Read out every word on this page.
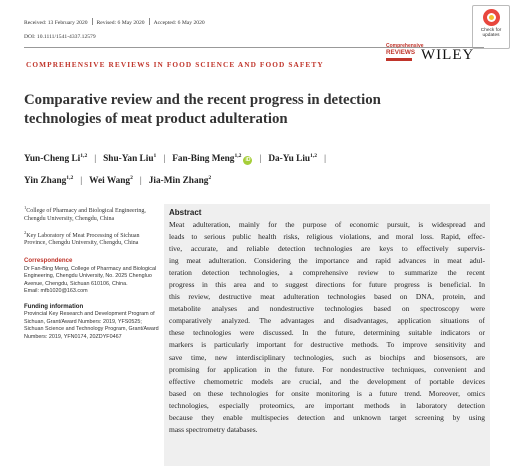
Received: 13 February 2020 Revised: 6 May 2020 Accepted: 6 May 2020
DOI: 10.1111/1541-4337.12579
Check for
updates
COMPREHENSIVE REVIEWS IN FOOD SCIENCE AND FOOD SAFETY
Comprehensive
REVIEWS WILEY
Comparative review and the recent progress in detection
technologies of meat product adulteration
Yun-Cheng Li$^{1,2}$ | Shu-Yan Liu$^1$ | Fan-Bing Meng$^{1,2}$iD | Da-Yu Liu$^{1,2}$ |
Yin Zhang$^{1,2}$ | Wei Wang$^2$ | Jia-Min Zhang$^2$
$^1$College of Pharmacy and Biological Engineering, Chengdu University, Chengdu, China
$^2$Key Laboratory of Meat Processing of Sichuan Province, Chengdu University, Chengdu, China
Correspondence
Dr Fan-Bing Meng, College of Pharmacy and Biological Engineering, Chengdu University, No. 2025 Chengluo Avenue, Chengdu, Sichuan 610106, China.
Email: mfb1020@163.com
Funding information
Provincial Key Research and Development Program of Sichuan, Grant/Award Numbers: 2019, YFS0525; Sichuan Science and Technology Program, Grant/Award Numbers: 2019, YFN0174, 20ZDYF0467
Abstract
Meat adulteration, mainly for the purpose of economic pursuit, is widespread and
leads to serious public health risks, religious violations, and moral loss. Rapid, effec-
tive, accurate, and reliable detection technologies are keys to effectively supervis-
ing meat adulteration. Considering the importance and rapid advances in meat adul-
teration detection technologies, a comprehensive review to summarize the recent
progress in this area and to suggest directions for future progress is beneficial. In
this review, destructive meat adulteration technologies based on DNA, protein, and
metabolite analyses and nondestructive technologies based on spectroscopy were
comparatively analyzed. The advantages and disadvantages, application situations of
these technologies were discussed. In the future, determining suitable indicators or
markers is particularly important for destructive methods. To improve sensitivity and
save time, new interdisciplinary technologies, such as biochips and biosensors, are
promising for application in the future. For nondestructive techniques, convenient and
effective chemometric models are crucial, and the development of portable devices
based on these technologies for onsite monitoring is a future trend. Moreover, omics
technologies, especially proteomics, are important methods in laboratory detection
because they enable multispecies detection and unknown target screening by using
mass spectrometry databases.
